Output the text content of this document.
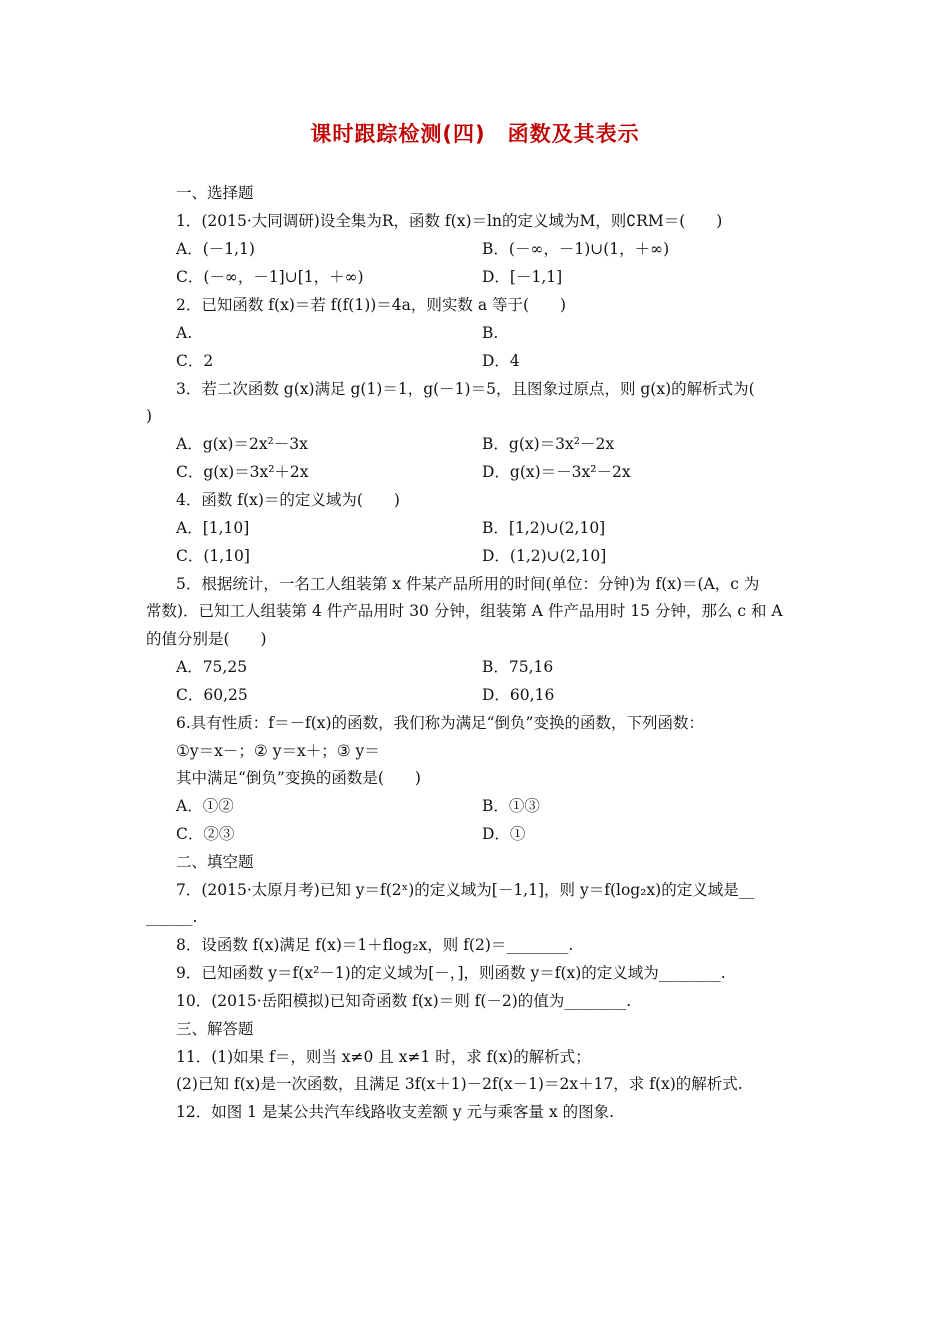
课时跟踪检测(四)　函数及其表示
一、选择题
1．(2015·大同调研)设全集为R，函数 f(x)＝ln的定义域为M，则∁RM＝(　　)
A．(－1,1)	B．(－∞，－1)∪(1，＋∞)
C．(－∞，－1]∪[1，＋∞)	D．[－1,1]
2．已知函数 f(x)＝若 f(f(1))＝4a，则实数 a 等于(　　)
A.	B.
C．2	D．4
3．若二次函数 g(x)满足 g(1)＝1，g(－1)＝5，且图象过原点，则 g(x)的解析式为(
)
A．g(x)＝2x²－3x	B．g(x)＝3x²－2x
C．g(x)＝3x²＋2x	D．g(x)＝－3x²－2x
4．函数 f(x)＝的定义域为(　　)
A．[1,10]	B．[1,2)∪(2,10]
C．(1,10]	D．(1,2)∪(2,10]
5．根据统计，一名工人组装第 x 件某产品所用的时间(单位：分钟)为 f(x)＝(A，c 为
常数)．已知工人组装第 4 件产品用时 30 分钟，组装第 A 件产品用时 15 分钟，那么 c 和 A
的值分别是(　　)
A．75,25	B．75,16
C．60,25	D．60,16
6.具有性质：f＝－f(x)的函数，我们称为满足“倒负”变换的函数，下列函数：
①y＝x－；② y＝x＋；③ y＝
其中满足“倒负”变换的函数是(　　)
A．①②	B．①③
C．②③	D．①
二、填空题
7．(2015·太原月考)已知 y＝f(2ˣ)的定义域为[－1,1]，则 y＝f(log₂x)的定义域是__
______.
8．设函数 f(x)满足 f(x)＝1＋flog₂x，则 f(2)＝________.
9．已知函数 y＝f(x²－1)的定义域为[－，]，则函数 y＝f(x)的定义域为________.
10．(2015·岳阳模拟)已知奇函数 f(x)＝则 f(－2)的值为________.
三、解答题
11．(1)如果 f＝，则当 x≠0 且 x≠1 时，求 f(x)的解析式；
(2)已知 f(x)是一次函数，且满足 3f(x＋1)－2f(x－1)＝2x＋17，求 f(x)的解析式.
12．如图 1 是某公共汽车线路收支差额 y 元与乘客量 x 的图象.
